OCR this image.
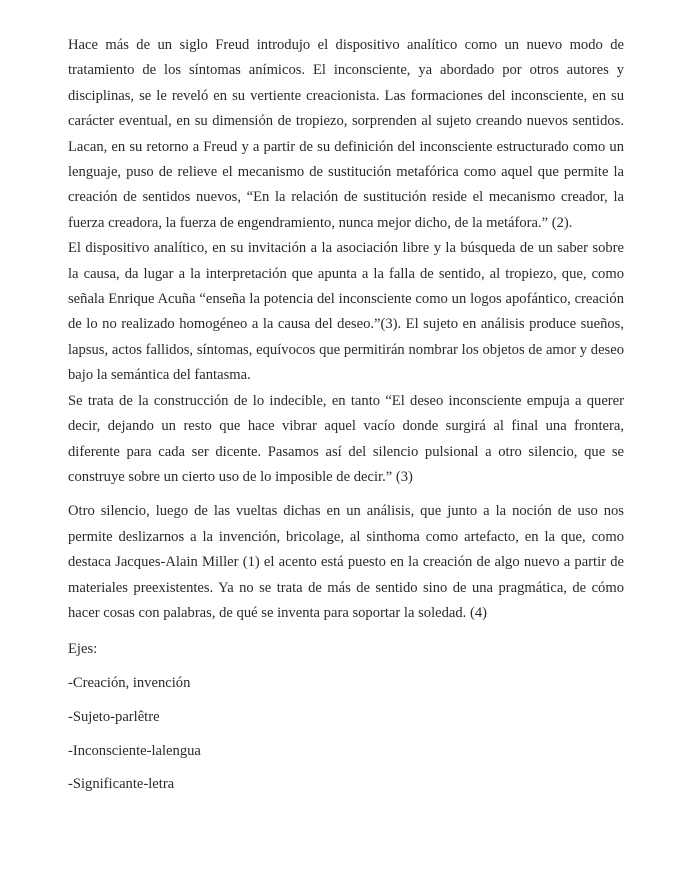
Hace más de un siglo Freud introdujo el dispositivo analítico como un nuevo modo de tratamiento de los síntomas anímicos. El inconsciente, ya abordado por otros autores y disciplinas, se le reveló en su vertiente creacionista. Las formaciones del inconsciente, en su carácter eventual, en su dimensión de tropiezo, sorprenden al sujeto creando nuevos sentidos. Lacan, en su retorno a Freud y a partir de su definición del inconsciente estructurado como un lenguaje, puso de relieve el mecanismo de sustitución metafórica como aquel que permite la creación de sentidos nuevos, “En la relación de sustitución reside el mecanismo creador, la fuerza creadora, la fuerza de engendramiento, nunca mejor dicho, de la metáfora.” (2).

El dispositivo analítico, en su invitación a la asociación libre y la búsqueda de un saber sobre la causa, da lugar a la interpretación que apunta a la falla de sentido, al tropiezo, que, como señala Enrique Acuña “enseña la potencia del inconsciente como un logos apofántico, creación de lo no realizado homogéneo a la causa del deseo.”(3). El sujeto en análisis produce sueños, lapsus, actos fallidos, síntomas, equívocos que permitirán nombrar los objetos de amor y deseo bajo la semántica del fantasma.

Se trata de la construcción de lo indecible, en tanto “El deseo inconsciente empuja a querer decir, dejando un resto que hace vibrar aquel vacío donde surgirá al final una frontera, diferente para cada ser dicente. Pasamos así del silencio pulsional a otro silencio, que se construye sobre un cierto uso de lo imposible de decir.” (3)

Otro silencio, luego de las vueltas dichas en un análisis, que junto a la noción de uso nos permite deslizarnos a la invención, bricolage, al sinthoma como artefacto, en la que, como destaca Jacques-Alain Miller (1) el acento está puesto en la creación de algo nuevo a partir de materiales preexistentes. Ya no se trata de más de sentido sino de una pragmática, de cómo hacer cosas con palabras, de qué se inventa para soportar la soledad. (4)

Ejes:

-Creación, invención
-Sujeto-parlêtre
-Inconsciente-lalengua
-Significante-letra
